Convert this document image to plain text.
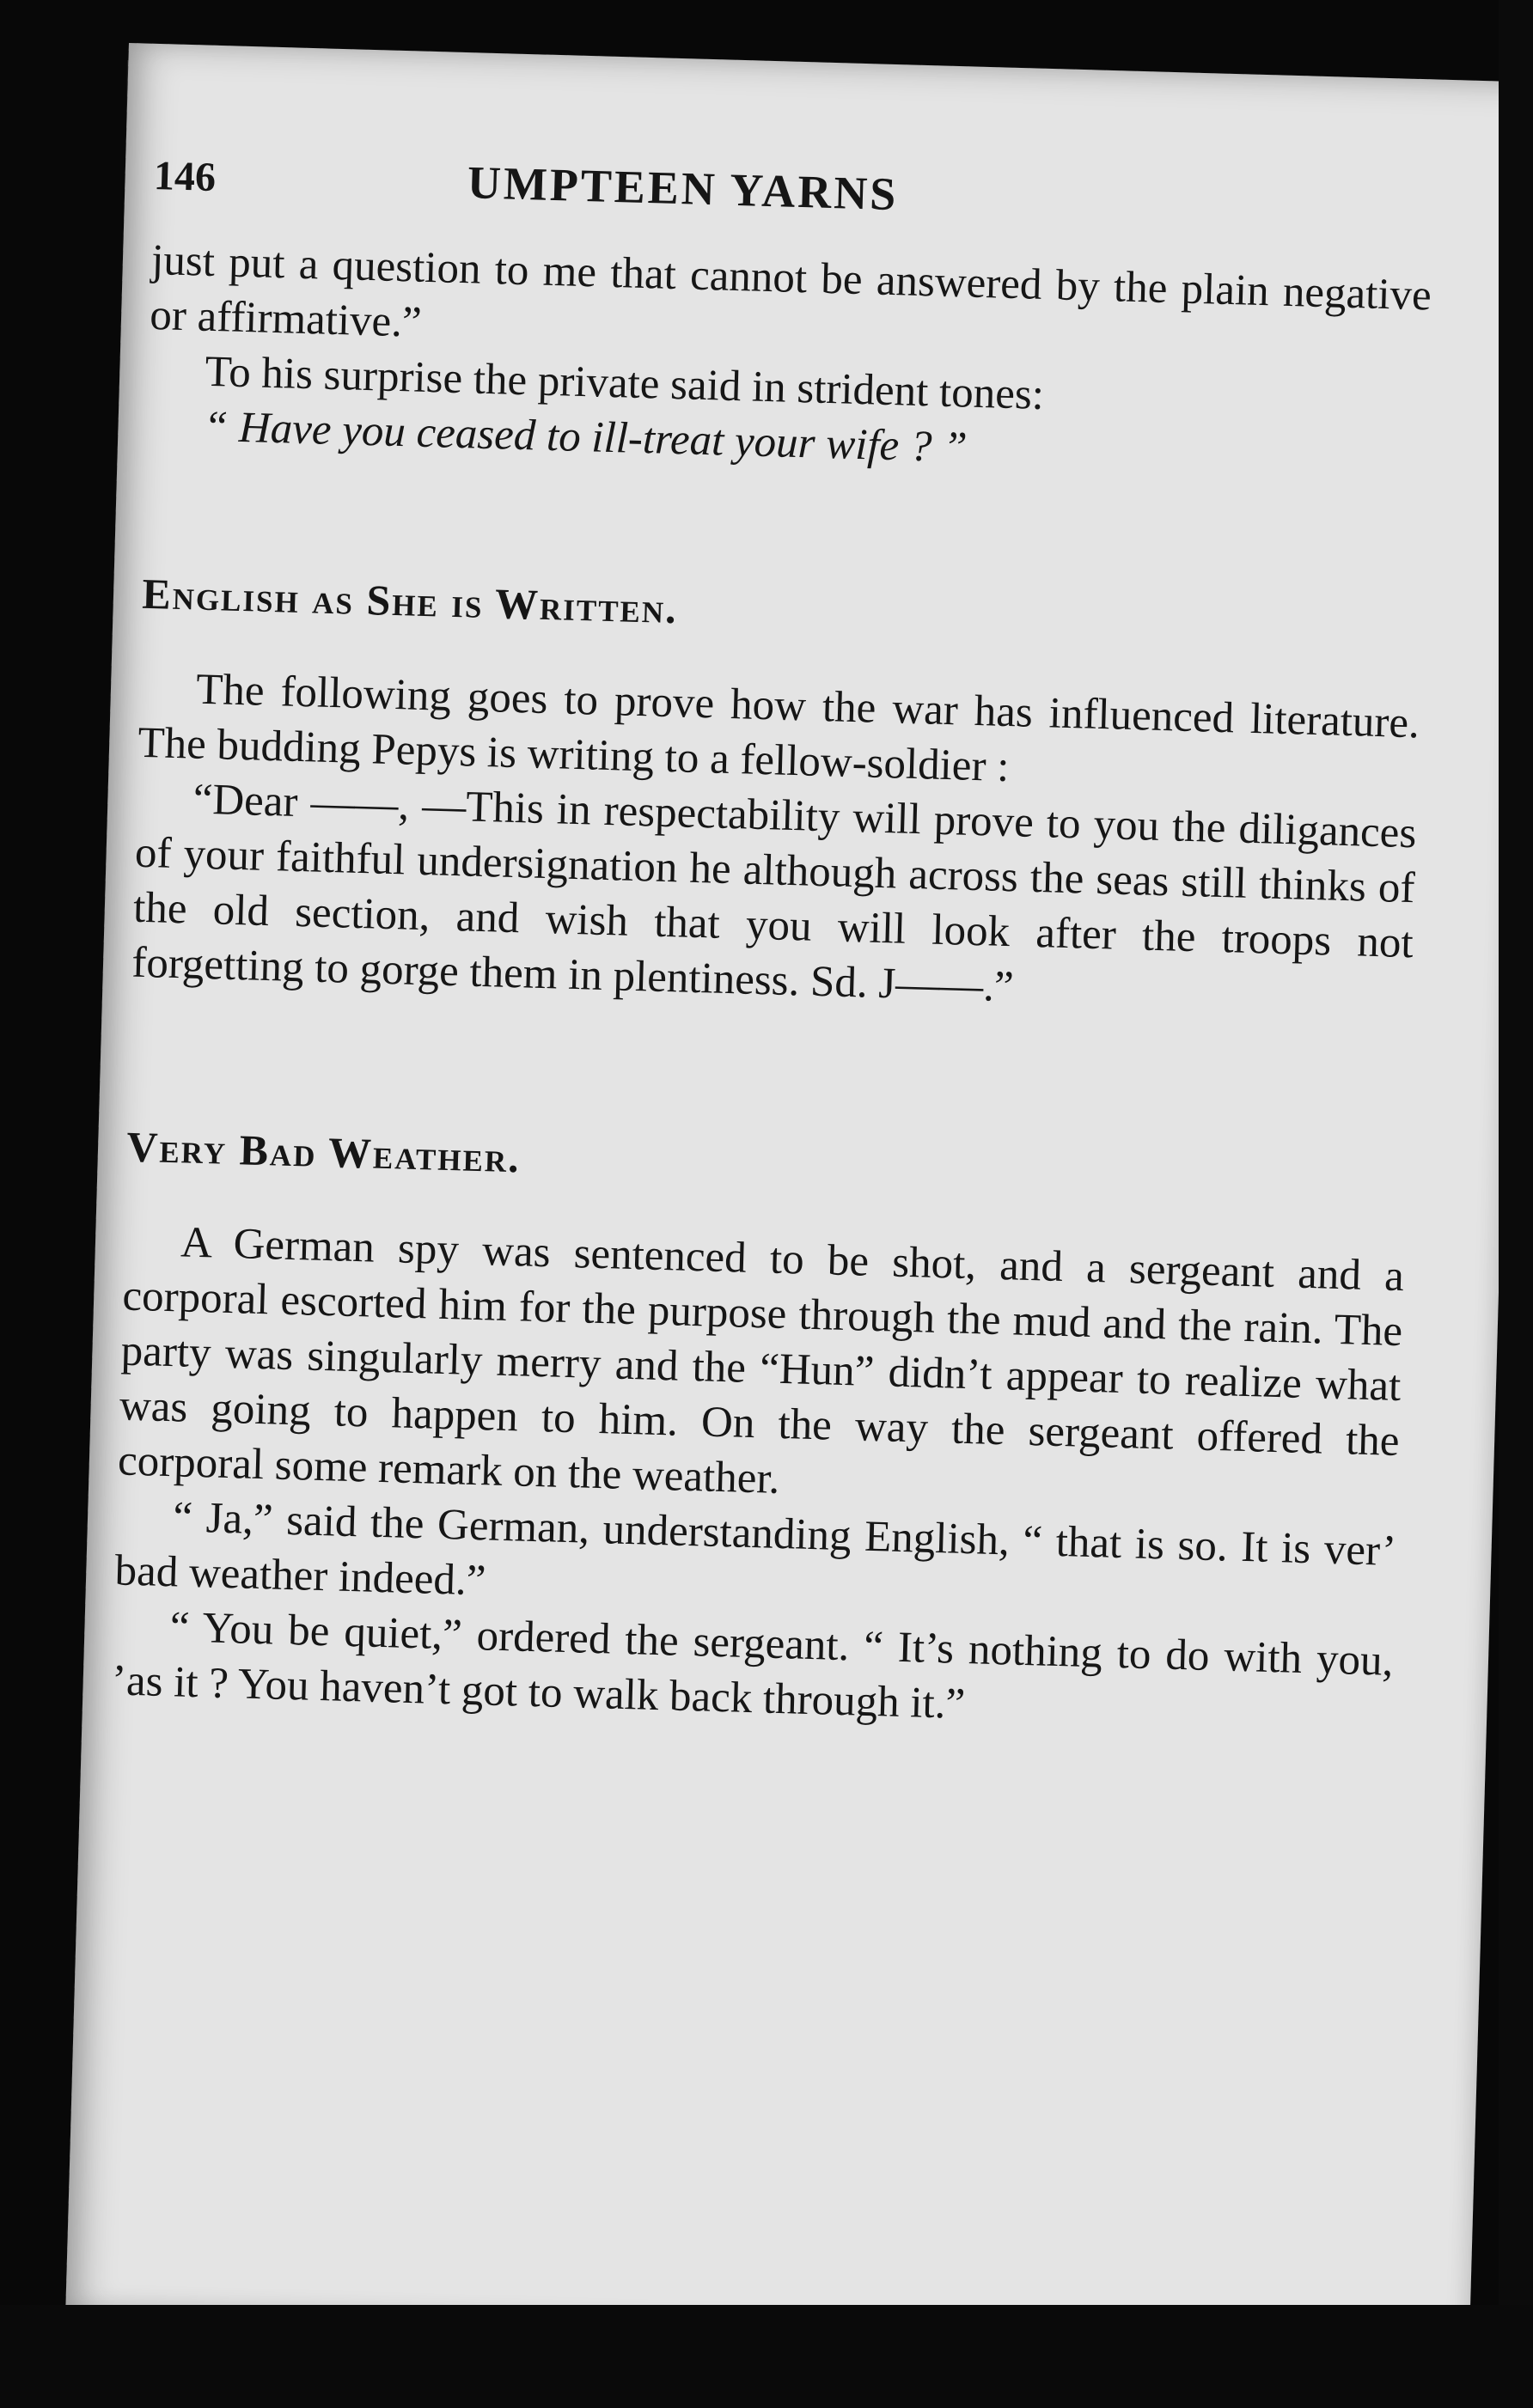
146	UMPTEEN YARNS

just put a question to me that cannot be answered by the plain negative or affirmative.”

To his surprise the private said in strident tones:

“ Have you ceased to ill-treat your wife ? ”

English as She is Written.

The following goes to prove how the war has influenced literature. The budding Pepys is writing to a fellow-soldier :

“Dear ——, —This in respectability will prove to you the diligances of your faithful undersignation he although across the seas still thinks of the old section, and wish that you will look after the troops not forgetting to gorge them in plentiness. Sd. J——.”

Very Bad Weather.

A German spy was sentenced to be shot, and a sergeant and a corporal escorted him for the purpose through the mud and the rain. The party was singularly merry and the “Hun” didn’t appear to realize what was going to happen to him. On the way the sergeant offered the corporal some remark on the weather.

“ Ja,” said the German, understanding English, “ that is so. It is ver’ bad weather indeed.”

“ You be quiet,” ordered the sergeant. “ It’s nothing to do with you, ’as it ? You haven’t got to walk back through it.”
